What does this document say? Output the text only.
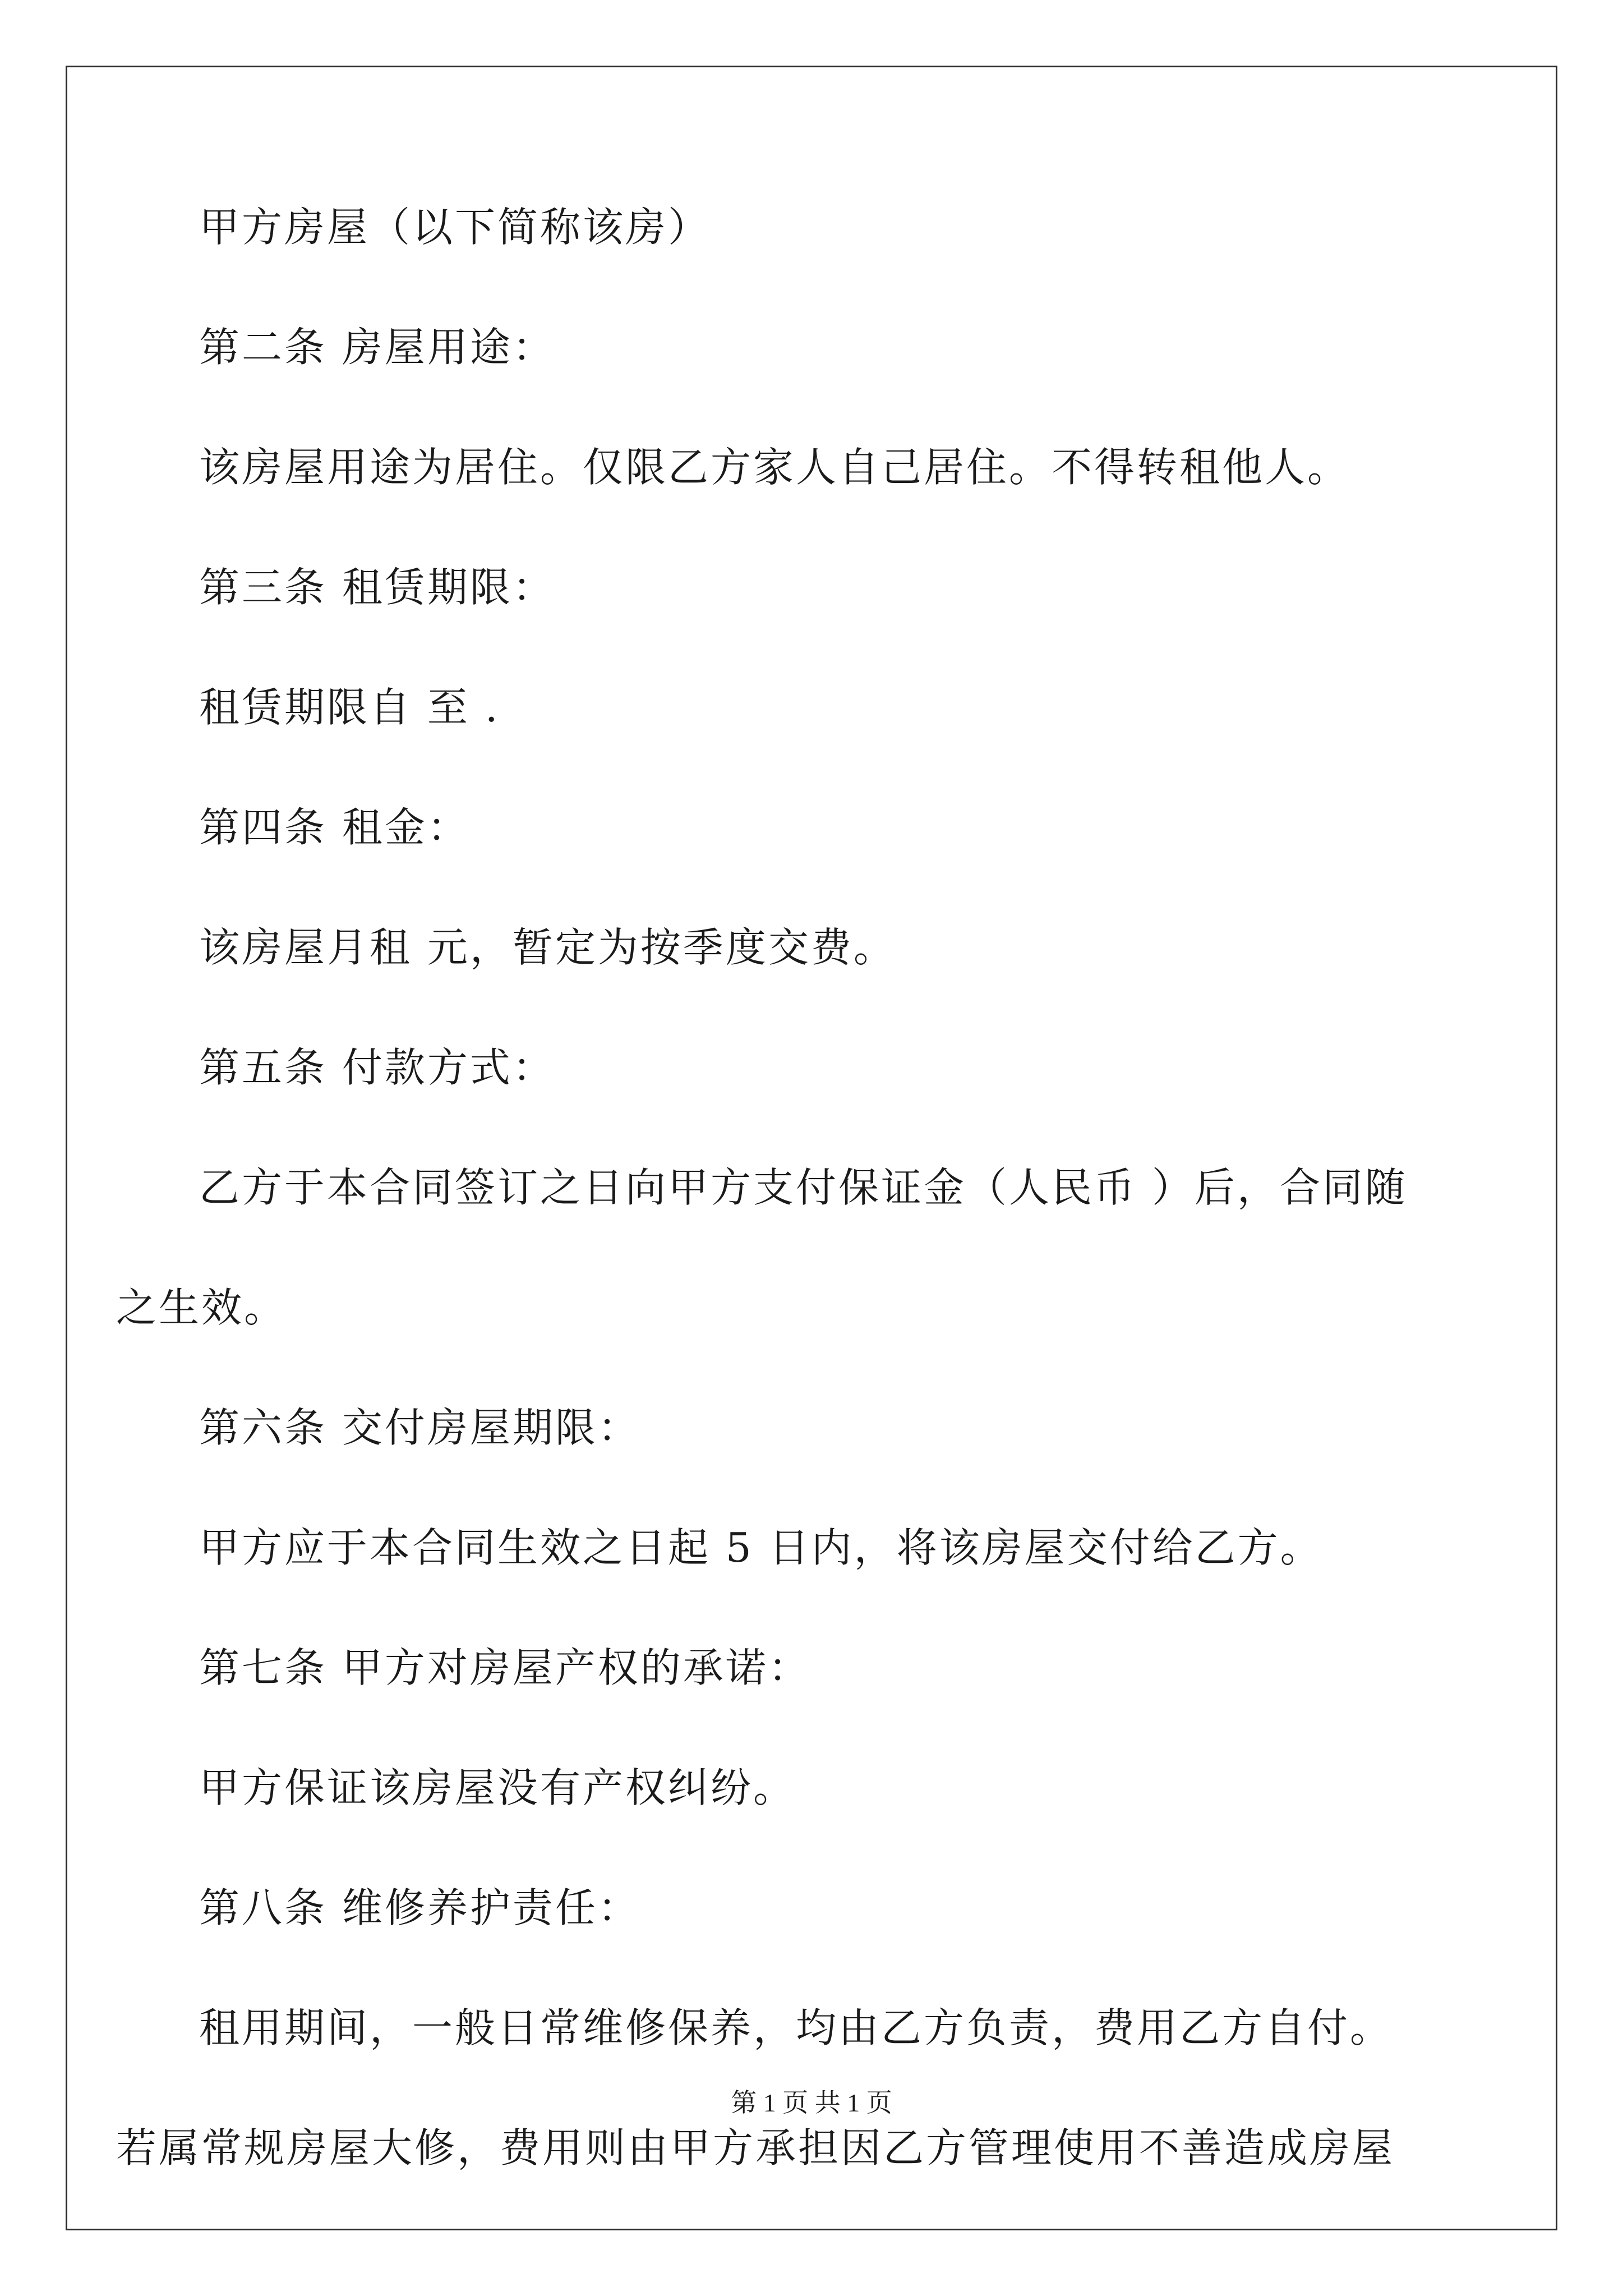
甲方房屋（以下简称该房）
第二条 房屋用途：
该房屋用途为居住。仅限乙方家人自己居住。不得转租他人。
第三条 租赁期限：
租赁期限自 至 .
第四条 租金：
该房屋月租 元，暂定为按季度交费。
第五条 付款方式：
乙方于本合同签订之日向甲方支付保证金（人民币 ）后，合同随
之生效。
第六条 交付房屋期限：
甲方应于本合同生效之日起 5 日内，将该房屋交付给乙方。
第七条 甲方对房屋产权的承诺：
甲方保证该房屋没有产权纠纷。
第八条 维修养护责任：
租用期间，一般日常维修保养，均由乙方负责，费用乙方自付。
若属常规房屋大修，费用则由甲方承担因乙方管理使用不善造成房屋
第 1 页 共 1 页
